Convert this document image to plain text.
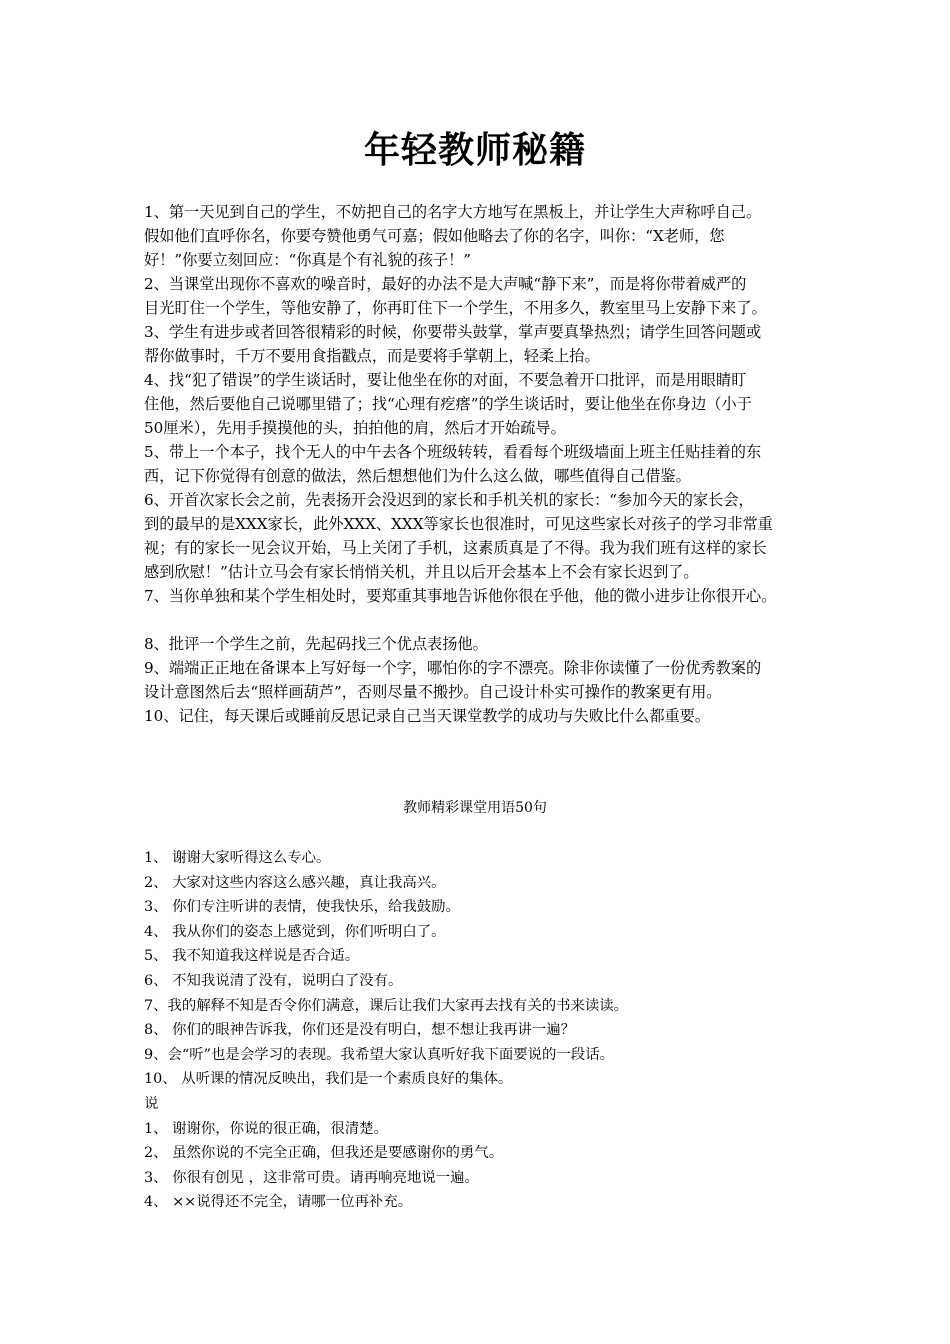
年轻教师秘籍

1、第一天见到自己的学生，不妨把自己的名字大方地写在黑板上，并让学生大声称呼自己。

假如他们直呼你名，你要夸赞他勇气可嘉；假如他略去了你的名字，叫你：“X老师，您

好！”你要立刻回应：“你真是个有礼貌的孩子！”

2、当课堂出现你不喜欢的噪音时，最好的办法不是大声喊“静下来”，而是将你带着威严的

目光盯住一个学生，等他安静了，你再盯住下一个学生，不用多久，教室里马上安静下来了。

3、学生有进步或者回答很精彩的时候，你要带头鼓掌，掌声要真挚热烈；请学生回答问题或

帮你做事时，千万不要用食指戳点，而是要将手掌朝上，轻柔上抬。

4、找“犯了错误”的学生谈话时，要让他坐在你的对面，不要急着开口批评，而是用眼睛盯

住他，然后要他自己说哪里错了；找“心理有疙瘩”的学生谈话时，要让他坐在你身边（小于

50厘米），先用手摸摸他的头，拍拍他的肩，然后才开始疏导。

5、带上一个本子，找个无人的中午去各个班级转转，看看每个班级墙面上班主任贴挂着的东

西，记下你觉得有创意的做法，然后想想他们为什么这么做，哪些值得自己借鉴。

6、开首次家长会之前，先表扬开会没迟到的家长和手机关机的家长：“参加今天的家长会，

到的最早的是XXX家长，此外XXX、XXX等家长也很准时，可见这些家长对孩子的学习非常重

视；有的家长一见会议开始，马上关闭了手机，这素质真是了不得。我为我们班有这样的家长

感到欣慰！”估计立马会有家长悄悄关机，并且以后开会基本上不会有家长迟到了。

7、当你单独和某个学生相处时，要郑重其事地告诉他你很在乎他，他的微小进步让你很开心。

8、批评一个学生之前，先起码找三个优点表扬他。

9、端端正正地在备课本上写好每一个字，哪怕你的字不漂亮。除非你读懂了一份优秀教案的

设计意图然后去“照样画葫芦”，否则尽量不搬抄。自己设计朴实可操作的教案更有用。

10、记住，每天课后或睡前反思记录自己当天课堂教学的成功与失败比什么都重要。

教师精彩课堂用语50句

1、 谢谢大家听得这么专心。

2、 大家对这些内容这么感兴趣，真让我高兴。

3、 你们专注听讲的表情，使我快乐，给我鼓励。

4、 我从你们的姿态上感觉到，你们听明白了。

5、 我不知道我这样说是否合适。

6、 不知我说清了没有，说明白了没有。

7、我的解释不知是否令你们满意，课后让我们大家再去找有关的书来读读。

8、 你们的眼神告诉我，你们还是没有明白，想不想让我再讲一遍？

9、会“听”也是会学习的表现。我希望大家认真听好我下面要说的一段话。

10、 从听课的情况反映出，我们是一个素质良好的集体。

说

1、 谢谢你，你说的很正确，很清楚。

2、 虽然你说的不完全正确，但我还是要感谢你的勇气。

3、 你很有创见 ，这非常可贵。请再响亮地说一遍。

4、 ××说得还不完全，请哪一位再补充。
